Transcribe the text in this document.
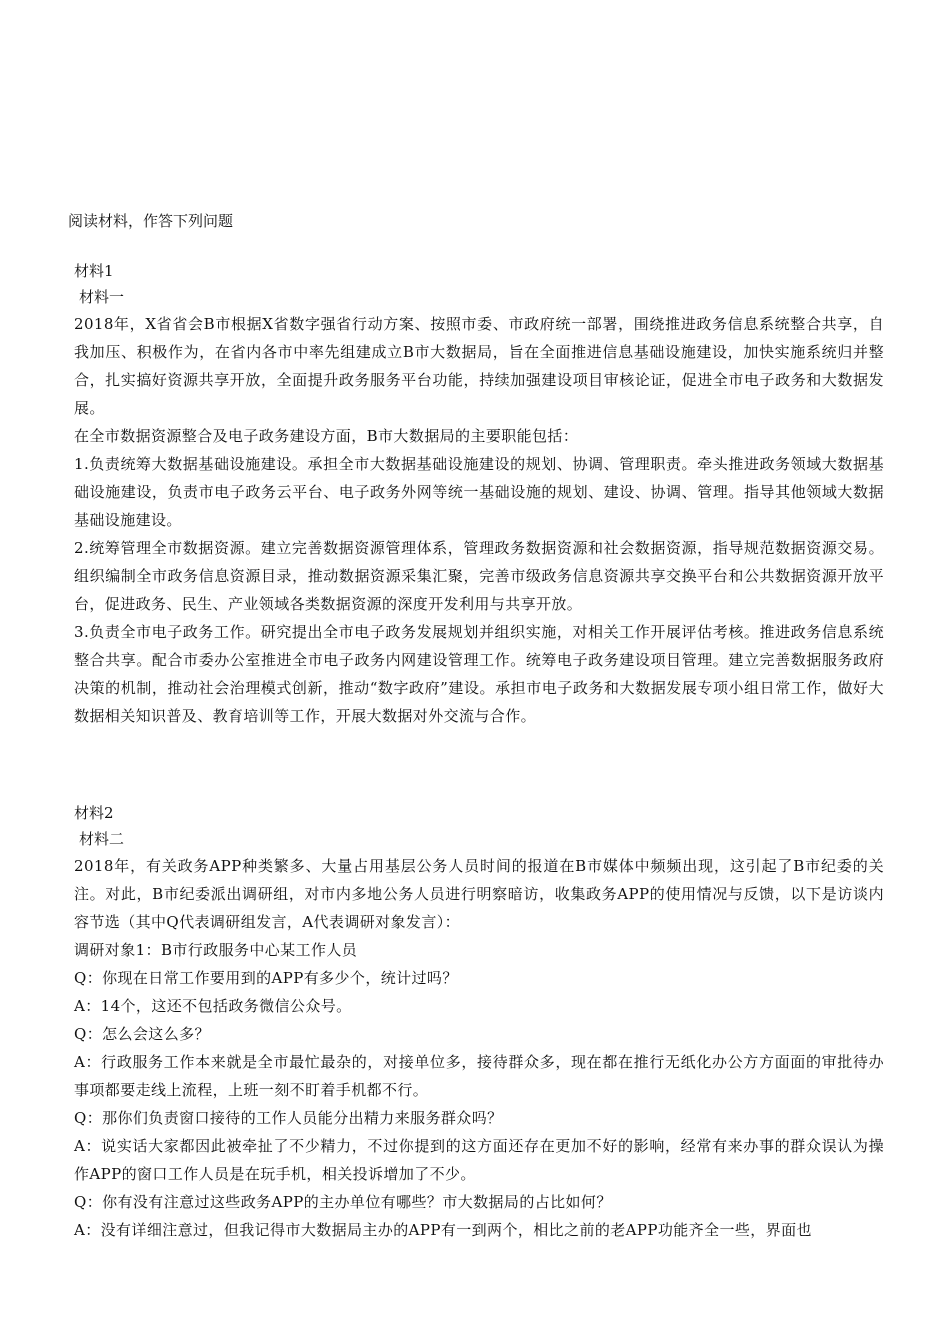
阅读材料，作答下列问题

材料1

材料一

2018年，X省省会B市根据X省数字强省行动方案、按照市委、市政府统一部署，围绕推进政务信息系统整合共享，自我加压、积极作为，在省内各市中率先组建成立B市大数据局，旨在全面推进信息基础设施建设，加快实施系统归并整合，扎实搞好资源共享开放，全面提升政务服务平台功能，持续加强建设项目审核论证，促进全市电子政务和大数据发展。

在全市数据资源整合及电子政务建设方面，B市大数据局的主要职能包括：

1.负责统筹大数据基础设施建设。承担全市大数据基础设施建设的规划、协调、管理职责。牵头推进政务领域大数据基础设施建设，负责市电子政务云平台、电子政务外网等统一基础设施的规划、建设、协调、管理。指导其他领域大数据基础设施建设。

2.统筹管理全市数据资源。建立完善数据资源管理体系，管理政务数据资源和社会数据资源，指导规范数据资源交易。组织编制全市政务信息资源目录，推动数据资源采集汇聚，完善市级政务信息资源共享交换平台和公共数据资源开放平台，促进政务、民生、产业领域各类数据资源的深度开发利用与共享开放。

3.负责全市电子政务工作。研究提出全市电子政务发展规划并组织实施，对相关工作开展评估考核。推进政务信息系统整合共享。配合市委办公室推进全市电子政务内网建设管理工作。统筹电子政务建设项目管理。建立完善数据服务政府决策的机制，推动社会治理模式创新，推动“数字政府”建设。承担市电子政务和大数据发展专项小组日常工作，做好大数据相关知识普及、教育培训等工作，开展大数据对外交流与合作。

材料2

材料二

2018年，有关政务APP种类繁多、大量占用基层公务人员时间的报道在B市媒体中频频出现，这引起了B市纪委的关注。对此，B市纪委派出调研组，对市内多地公务人员进行明察暗访，收集政务APP的使用情况与反馈，以下是访谈内容节选（其中Q代表调研组发言，A代表调研对象发言）：

调研对象1：B市行政服务中心某工作人员

Q：你现在日常工作要用到的APP有多少个，统计过吗？

A：14个，这还不包括政务微信公众号。

Q：怎么会这么多？

A：行政服务工作本来就是全市最忙最杂的，对接单位多，接待群众多，现在都在推行无纸化办公方方面面的审批待办事项都要走线上流程，上班一刻不盯着手机都不行。

Q：那你们负责窗口接待的工作人员能分出精力来服务群众吗？

A：说实话大家都因此被牵扯了不少精力，不过你提到的这方面还存在更加不好的影响，经常有来办事的群众误认为操作APP的窗口工作人员是在玩手机，相关投诉增加了不少。

Q：你有没有注意过这些政务APP的主办单位有哪些？市大数据局的占比如何？

A：没有详细注意过，但我记得市大数据局主办的APP有一到两个，相比之前的老APP功能齐全一些，界面也
